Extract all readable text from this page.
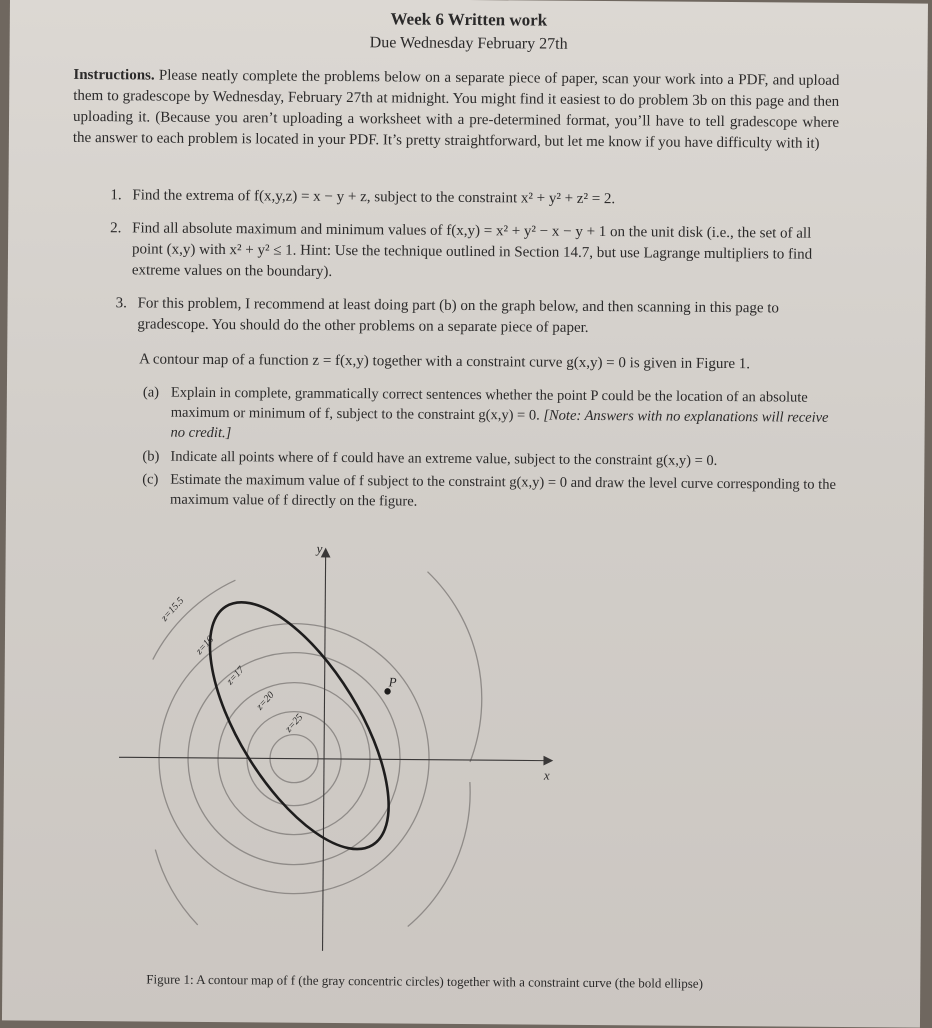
Week 6 Written work
Due Wednesday February 27th
Instructions. Please neatly complete the problems below on a separate piece of paper, scan your work into a PDF, and upload them to gradescope by Wednesday, February 27th at midnight. You might find it easiest to do problem 3b on this page and then uploading it. (Because you aren’t uploading a worksheet with a pre-determined format, you’ll have to tell gradescope where the answer to each problem is located in your PDF. It’s pretty straightforward, but let me know if you have difficulty with it)
1. Find the extrema of f(x,y,z) = x − y + z, subject to the constraint x² + y² + z² = 2.
2. Find all absolute maximum and minimum values of f(x,y) = x² + y² − x − y + 1 on the unit disk (i.e., the set of all point (x,y) with x² + y² ≤ 1. Hint: Use the technique outlined in Section 14.7, but use Lagrange multipliers to find extreme values on the boundary).
3. For this problem, I recommend at least doing part (b) on the graph below, and then scanning in this page to gradescope. You should do the other problems on a separate piece of paper.
A contour map of a function z = f(x,y) together with a constraint curve g(x,y) = 0 is given in Figure 1.
(a) Explain in complete, grammatically correct sentences whether the point P could be the location of an absolute maximum or minimum of f, subject to the constraint g(x,y) = 0. [Note: Answers with no explanations will receive no credit.]
(b) Indicate all points where of f could have an extreme value, subject to the constraint g(x,y) = 0.
(c) Estimate the maximum value of f subject to the constraint g(x,y) = 0 and draw the level curve corresponding to the maximum value of f directly on the figure.
P
x
y
z=15.5
z=16
z=17
z=20
z=25
Figure 1: A contour map of f (the gray concentric circles) together with a constraint curve (the bold ellipse)
